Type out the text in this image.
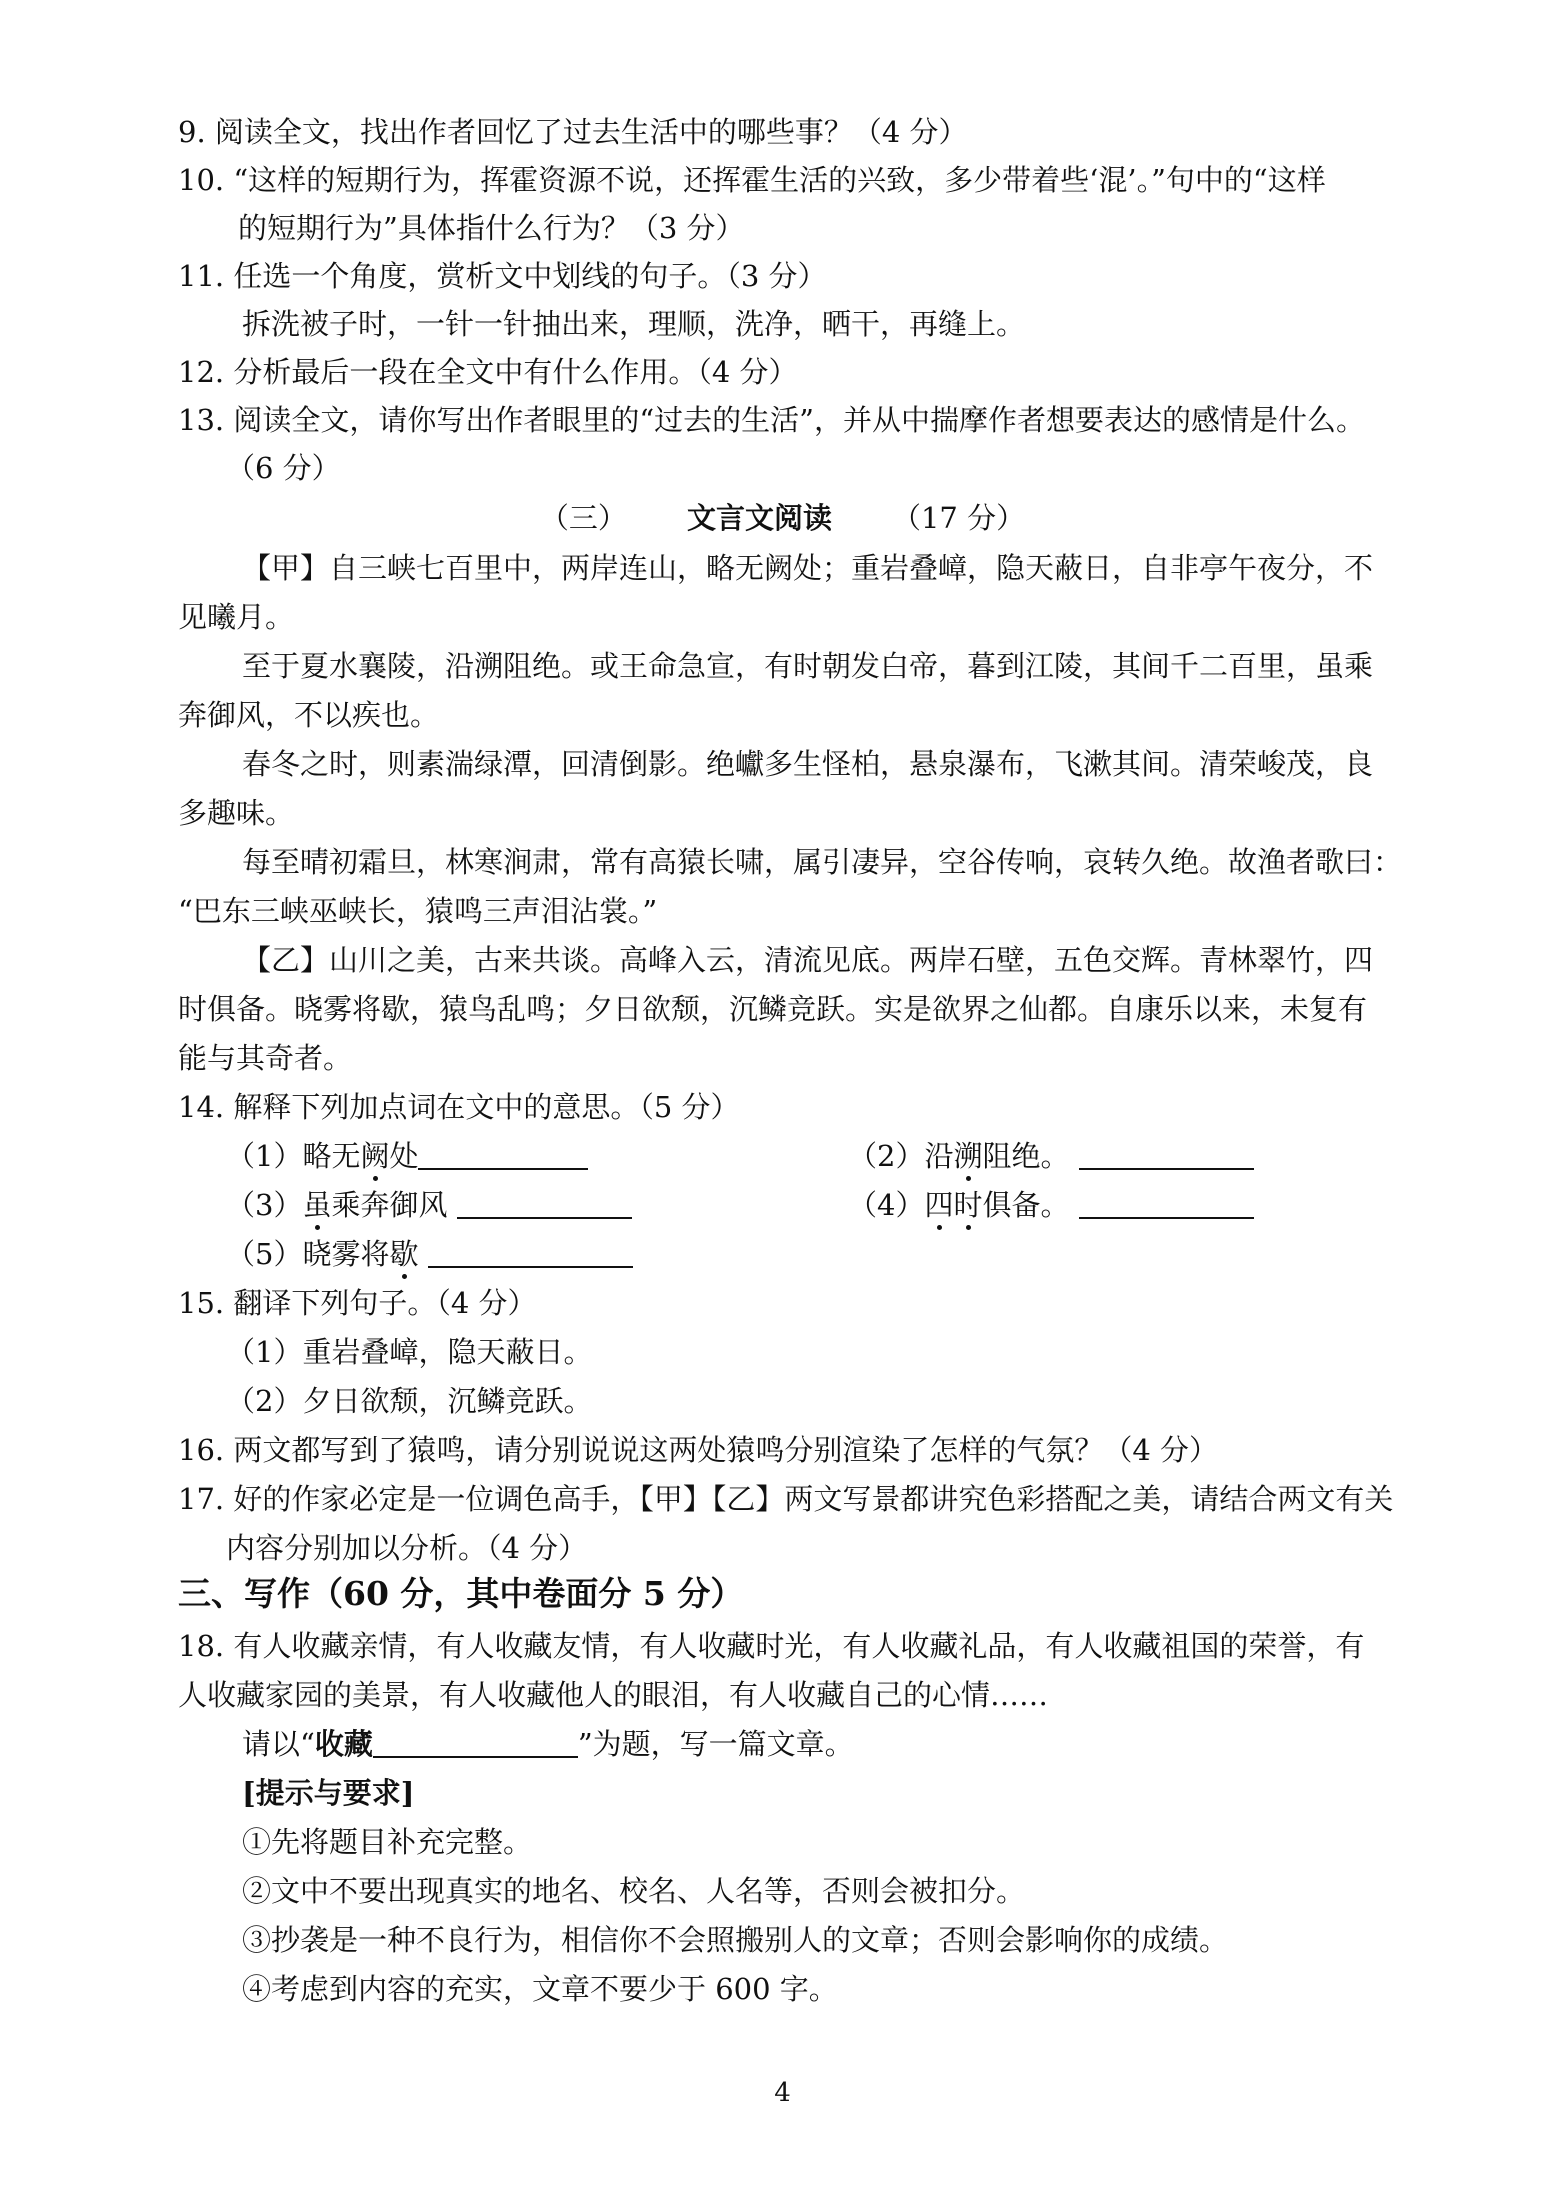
9. 阅读全文，找出作者回忆了过去生活中的哪些事？（4 分）
10. “这样的短期行为，挥霍资源不说，还挥霍生活的兴致，多少带着些‘混’。”句中的“这样
的短期行为”具体指什么行为？（3 分）
11. 任选一个角度，赏析文中划线的句子。（3 分）
拆洗被子时，一针一针抽出来，理顺，洗净，晒干，再缝上。
12. 分析最后一段在全文中有什么作用。（4 分）
13. 阅读全文，请你写出作者眼里的“过去的生活”，并从中揣摩作者想要表达的感情是什么。
（6 分）
（三） 文言文阅读 （17 分）
【甲】自三峡七百里中，两岸连山，略无阙处；重岩叠嶂，隐天蔽日，自非亭午夜分，不
见曦月。
至于夏水襄陵，沿溯阻绝。或王命急宣，有时朝发白帝，暮到江陵，其间千二百里，虽乘
奔御风，不以疾也。
春冬之时，则素湍绿潭，回清倒影。绝巘多生怪柏，悬泉瀑布，飞漱其间。清荣峻茂，良
多趣味。
每至晴初霜旦，林寒涧肃，常有高猿长啸，属引凄异，空谷传响，哀转久绝。故渔者歌曰：
“巴东三峡巫峡长，猿鸣三声泪沾裳。”
【乙】山川之美，古来共谈。高峰入云，清流见底。两岸石壁，五色交辉。青林翠竹，四
时俱备。晓雾将歇，猿鸟乱鸣；夕日欲颓，沉鳞竞跃。实是欲界之仙都。自康乐以来，未复有
能与其奇者。
14. 解释下列加点词在文中的意思。（5 分）
（1）略无阙处	（2）沿溯阻绝。
（3）虽乘奔御风	（4）四时俱备。
（5）晓雾将歇
15. 翻译下列句子。（4 分）
（1）重岩叠嶂，隐天蔽日。
（2）夕日欲颓，沉鳞竞跃。
16. 两文都写到了猿鸣，请分别说说这两处猿鸣分别渲染了怎样的气氛？（4 分）
17. 好的作家必定是一位调色高手，【甲】【乙】两文写景都讲究色彩搭配之美，请结合两文有关
内容分别加以分析。（4 分）
三、写作（60 分，其中卷面分 5 分）
18. 有人收藏亲情，有人收藏友情，有人收藏时光，有人收藏礼品，有人收藏祖国的荣誉，有
人收藏家园的美景，有人收藏他人的眼泪，有人收藏自己的心情……
请以“收藏	”为题，写一篇文章。
[提示与要求]
①先将题目补充完整。
②文中不要出现真实的地名、校名、人名等，否则会被扣分。
③抄袭是一种不良行为，相信你不会照搬别人的文章；否则会影响你的成绩。
④考虑到内容的充实，文章不要少于 600 字。
4
